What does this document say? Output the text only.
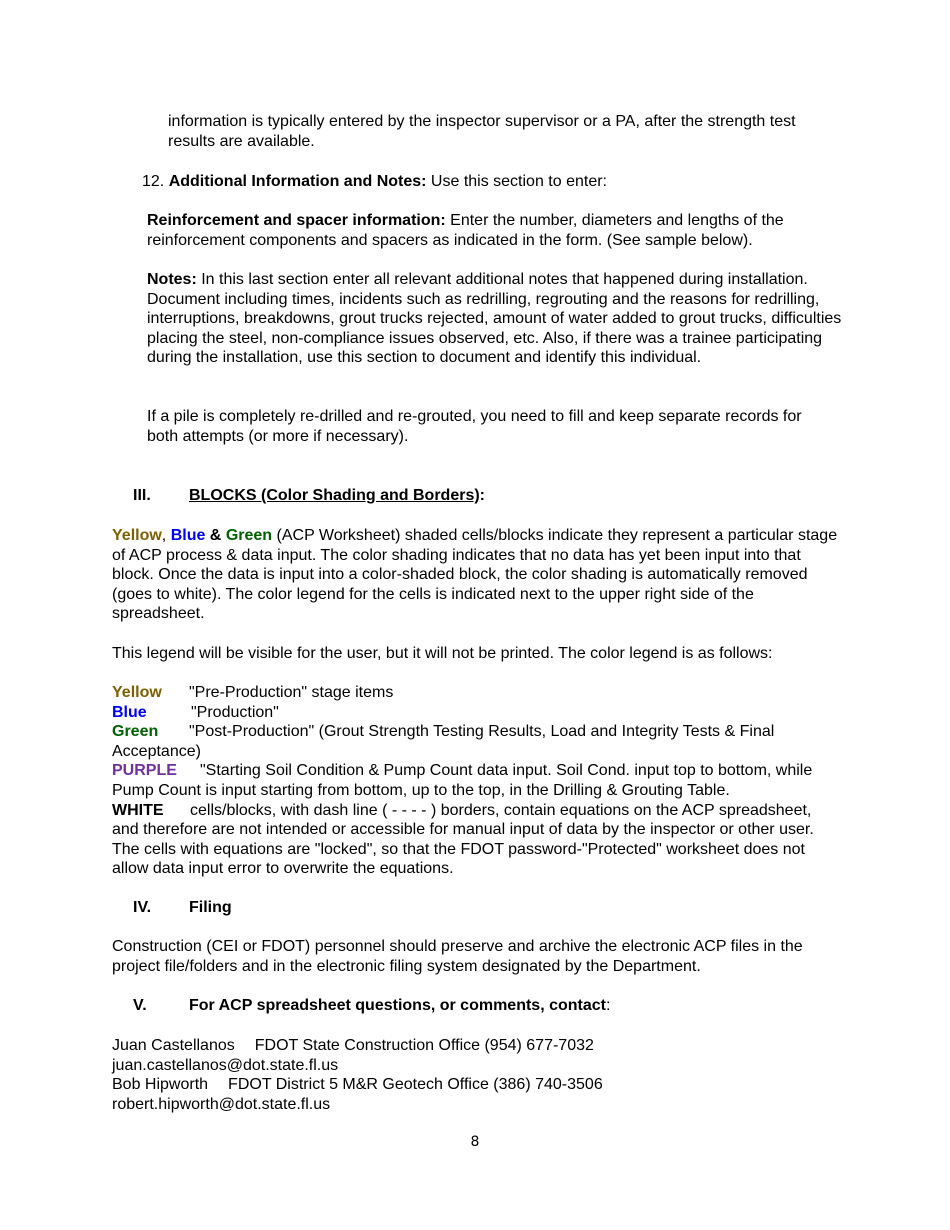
information is typically entered by the inspector supervisor or a PA, after the strength test results are available.

12. Additional Information and Notes: Use this section to enter:

Reinforcement and spacer information: Enter the number, diameters and lengths of the reinforcement components and spacers as indicated in the form. (See sample below).

Notes: In this last section enter all relevant additional notes that happened during installation. Document including times, incidents such as redrilling, regrouting and the reasons for redrilling, interruptions, breakdowns, grout trucks rejected, amount of water added to grout trucks, difficulties placing the steel, non-compliance issues observed, etc. Also, if there was a trainee participating during the installation, use this section to document and identify this individual.

If a pile is completely re-drilled and re-grouted, you need to fill and keep separate records for both attempts (or more if necessary).

III. BLOCKS (Color Shading and Borders):

Yellow, Blue & Green (ACP Worksheet) shaded cells/blocks indicate they represent a particular stage of ACP process & data input. The color shading indicates that no data has yet been input into that block. Once the data is input into a color-shaded block, the color shading is automatically removed (goes to white). The color legend for the cells is indicated next to the upper right side of the spreadsheet.

This legend will be visible for the user, but it will not be printed. The color legend is as follows:

Yellow "Pre-Production" stage items
Blue	"Production"
Green "Post-Production" (Grout Strength Testing Results, Load and Integrity Tests & Final Acceptance)
PURPLE "Starting Soil Condition & Pump Count data input. Soil Cond. input top to bottom, while Pump Count is input starting from bottom, up to the top, in the Drilling & Grouting Table.
WHITE cells/blocks, with dash line ( - - - - ) borders, contain equations on the ACP spreadsheet, and therefore are not intended or accessible for manual input of data by the inspector or other user. The cells with equations are "locked", so that the FDOT password-"Protected" worksheet does not allow data input error to overwrite the equations.

IV. Filing

Construction (CEI or FDOT) personnel should preserve and archive the electronic ACP files in the project file/folders and in the electronic filing system designated by the Department.

V.	For ACP spreadsheet questions, or comments, contact:

Juan Castellanos FDOT State Construction Office (954) 677-7032
juan.castellanos@dot.state.fl.us
Bob Hipworth FDOT District 5 M&R Geotech Office (386) 740-3506
robert.hipworth@dot.state.fl.us
8
